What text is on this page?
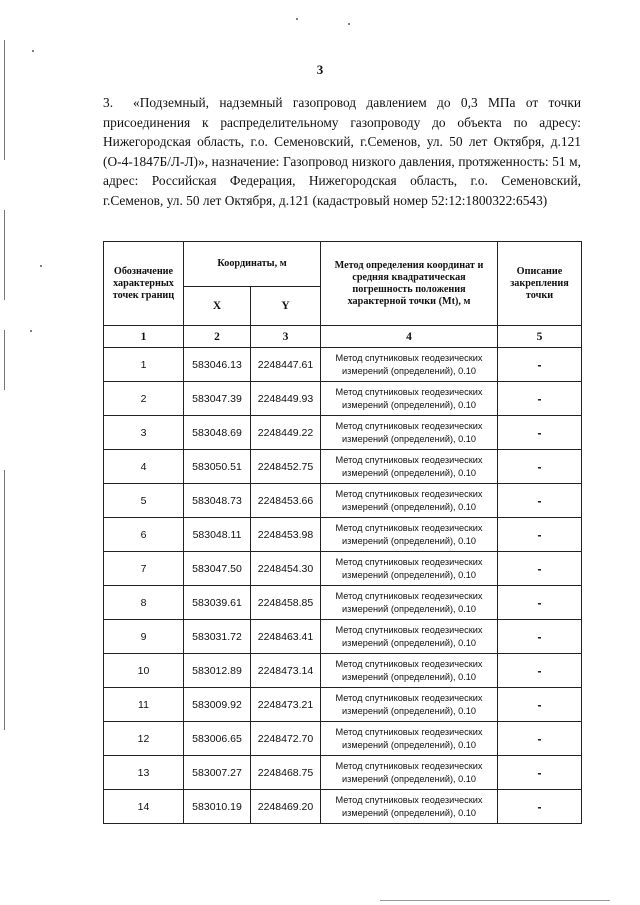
3

3. «Подземный, надземный газопровод давлением до 0,3 МПа от точки присоединения к распределительному газопроводу до объекта по адресу: Нижегородская область, г.о. Семеновский, г.Семенов, ул. 50 лет Октября, д.121 (О-4-1847Б/Л-Л)», назначение: Газопровод низкого давления, протяженность: 51 м, адрес: Российская Федерация, Нижегородская область, г.о. Семеновский, г.Семенов, ул. 50 лет Октября, д.121 (кадастровый номер 52:12:1800322:6543)

Обозначение характерных точек границ	Координаты, м		Метод определения координат и средняя квадратическая погрешность положения характерной точки (Mt), м	Описание закрепления точки
	X	Y		
1	2	3	4	5
1	583046.13	2248447.61	Метод спутниковых геодезических измерений (определений), 0.10	-
2	583047.39	2248449.93	Метод спутниковых геодезических измерений (определений), 0.10	-
3	583048.69	2248449.22	Метод спутниковых геодезических измерений (определений), 0.10	-
4	583050.51	2248452.75	Метод спутниковых геодезических измерений (определений), 0.10	-
5	583048.73	2248453.66	Метод спутниковых геодезических измерений (определений), 0.10	-
6	583048.11	2248453.98	Метод спутниковых геодезических измерений (определений), 0.10	-
7	583047.50	2248454.30	Метод спутниковых геодезических измерений (определений), 0.10	-
8	583039.61	2248458.85	Метод спутниковых геодезических измерений (определений), 0.10	-
9	583031.72	2248463.41	Метод спутниковых геодезических измерений (определений), 0.10	-
10	583012.89	2248473.14	Метод спутниковых геодезических измерений (определений), 0.10	-
11	583009.92	2248473.21	Метод спутниковых геодезических измерений (определений), 0.10	-
12	583006.65	2248472.70	Метод спутниковых геодезических измерений (определений), 0.10	-
13	583007.27	2248468.75	Метод спутниковых геодезических измерений (определений), 0.10	-
14	583010.19	2248469.20	Метод спутниковых геодезических измерений (определений), 0.10	-
